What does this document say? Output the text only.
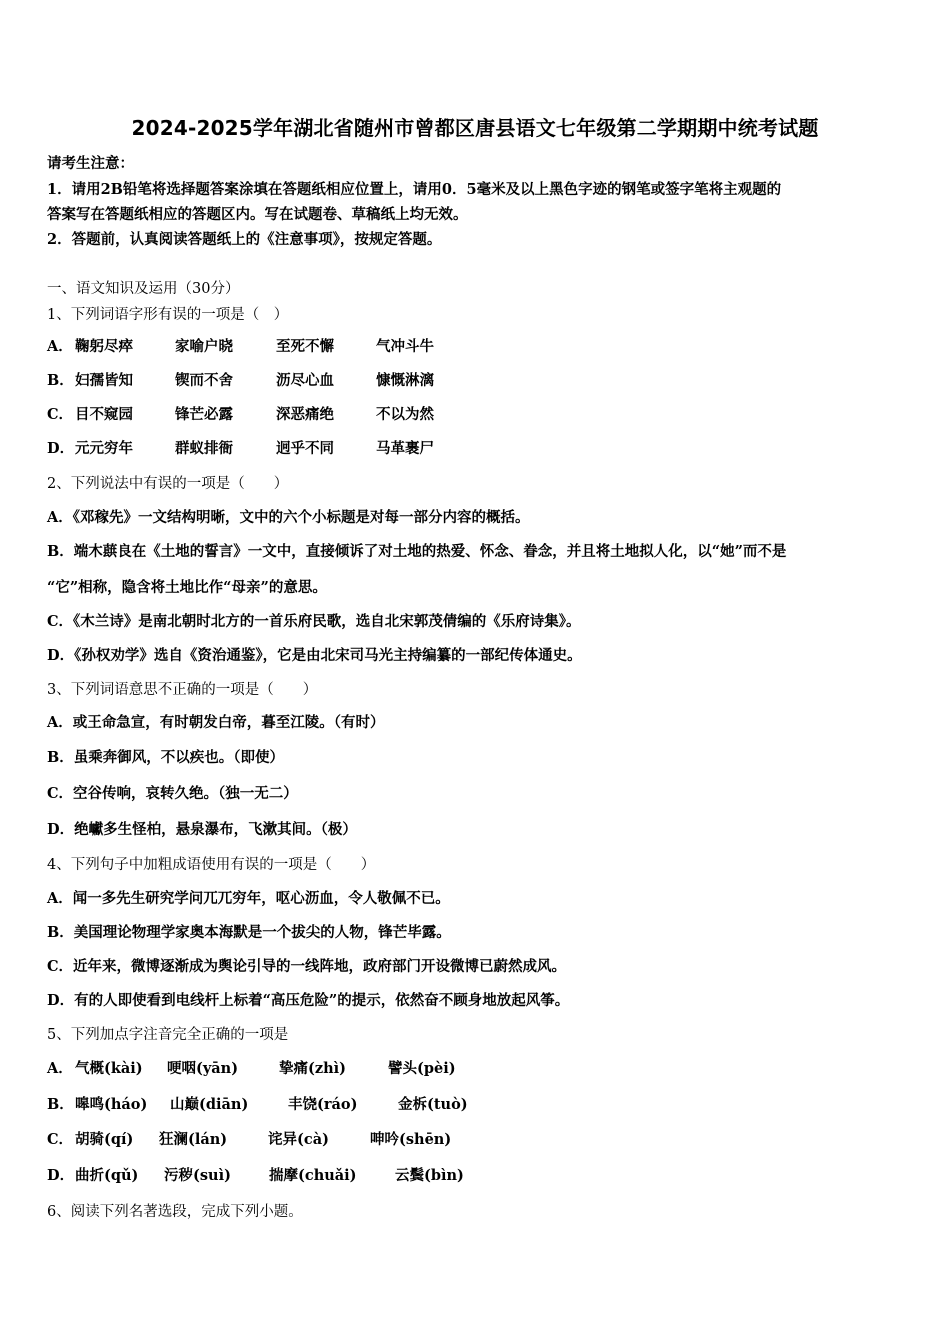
2024-2025学年湖北省随州市曾都区唐县语文七年级第二学期期中统考试题
请考生注意：
1．请用2B铅笔将选择题答案涂填在答题纸相应位置上，请用0．5毫米及以上黑色字迹的钢笔或签字笔将主观题的
答案写在答题纸相应的答题区内。写在试题卷、草稿纸上均无效。
2．答题前，认真阅读答题纸上的《注意事项》，按规定答题。
一、语文知识及运用（30分）
1、下列词语字形有误的一项是（　）
A． 鞠躬尽瘁	家喻户晓	至死不懈	气冲斗牛
B． 妇孺皆知	锲而不舍	沥尽心血	慷慨淋漓
C． 目不窥园	锋芒必露	深恶痛绝	不以为然
D． 元元穷年	群蚁排衙	迥乎不同	马革裹尸
2、下列说法中有误的一项是（　　）
A．《邓稼先》一文结构明晰，文中的六个小标题是对每一部分内容的概括。
B．端木蕻良在《土地的誓言》一文中，直接倾诉了对土地的热爱、怀念、眷念，并且将土地拟人化，以“她”而不是
“它”相称，隐含将土地比作“母亲”的意思。
C．《木兰诗》是南北朝时北方的一首乐府民歌，选自北宋郭茂倩编的《乐府诗集》。
D．《孙权劝学》选自《资治通鉴》，它是由北宋司马光主持编纂的一部纪传体通史。
3、下列词语意思不正确的一项是（　　）
A．或王命急宣，有时朝发白帝，暮至江陵。（有时）
B．虽乘奔御风，不以疾也。（即使）
C．空谷传响，哀转久绝。（独一无二）
D．绝巘多生怪柏，悬泉瀑布，飞漱其间。（极）
4、下列句子中加粗成语使用有误的一项是（　　）
A．闻一多先生研究学问兀兀穷年，呕心沥血，令人敬佩不已。
B．美国理论物理学家奥本海默是一个拔尖的人物，锋芒毕露。
C．近年来，微博逐渐成为舆论引导的一线阵地，政府部门开设微博已蔚然成风。
D．有的人即使看到电线杆上标着“高压危险”的提示，依然奋不顾身地放起风筝。
5、下列加点字注音完全正确的一项是
A． 气概(kài) 哽咽(yān)	挚痛(zhì)	譬头(pèi)
B． 嗥鸣(háo) 山巅(diān)	丰饶(ráo)	金柝(tuò)
C． 胡骑(qí) 狂澜(lán)	诧异(cà)	呻吟(shēn)
D． 曲折(qǔ) 污秽(suì)	揣摩(chuǎi)	云鬓(bìn)
6、阅读下列名著选段，完成下列小题。
